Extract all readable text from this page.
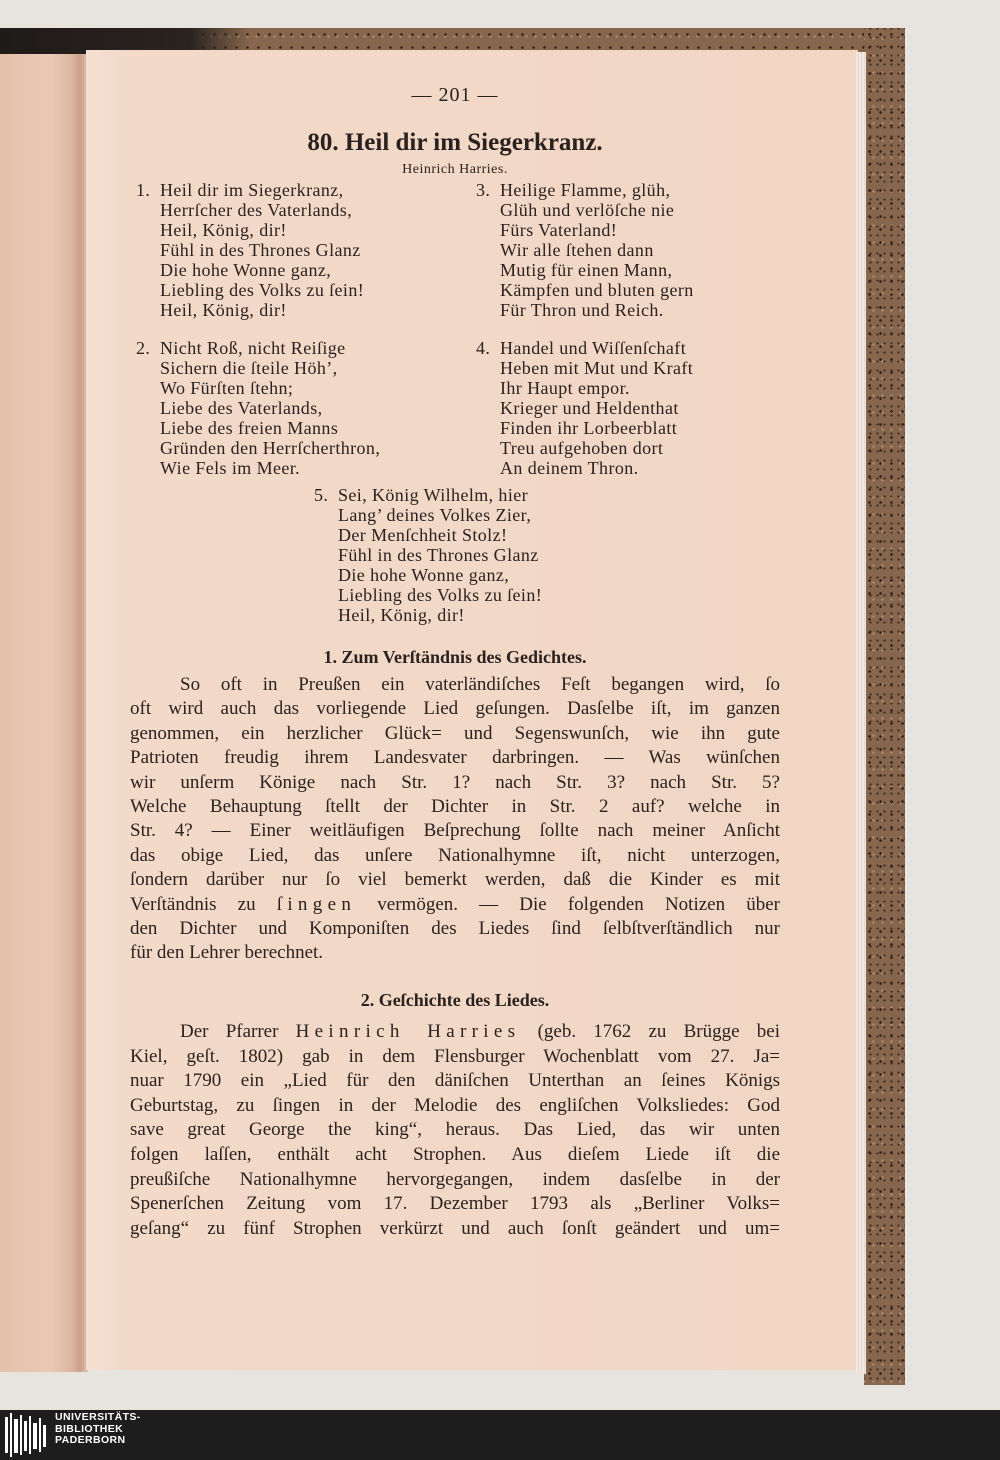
— 201 —
80. Heil dir im Siegerkranz.
Heinrich Harries.
1. Heil dir im Siegerkranz,
Herrſcher des Vaterlands,
Heil, König, dir!
Fühl in des Thrones Glanz
Die hohe Wonne ganz,
Liebling des Volks zu ſein!
Heil, König, dir!
2. Nicht Roß, nicht Reiſige
Sichern die ſteile Höh’,
Wo Fürſten ſtehn;
Liebe des Vaterlands,
Liebe des freien Manns
Gründen den Herrſcherthron,
Wie Fels im Meer.
3. Heilige Flamme, glüh,
Glüh und verlöſche nie
Fürs Vaterland!
Wir alle ſtehen dann
Mutig für einen Mann,
Kämpfen und bluten gern
Für Thron und Reich.
4. Handel und Wiſſenſchaft
Heben mit Mut und Kraft
Ihr Haupt empor.
Krieger und Heldenthat
Finden ihr Lorbeerblatt
Treu aufgehoben dort
An deinem Thron.
5. Sei, König Wilhelm, hier
Lang’ deines Volkes Zier,
Der Menſchheit Stolz!
Fühl in des Thrones Glanz
Die hohe Wonne ganz,
Liebling des Volks zu ſein!
Heil, König, dir!
1. Zum Verſtändnis des Gedichtes.
So oft in Preußen ein vaterländiſches Feſt begangen wird, ſo
oft wird auch das vorliegende Lied geſungen. Dasſelbe iſt, im ganzen
genommen, ein herzlicher Glück= und Segenswunſch, wie ihn gute
Patrioten freudig ihrem Landesvater darbringen. — Was wünſchen
wir unſerm Könige nach Str. 1? nach Str. 3? nach Str. 5?
Welche Behauptung ſtellt der Dichter in Str. 2 auf? welche in
Str. 4? — Einer weitläufigen Beſprechung ſollte nach meiner Anſicht
das obige Lied, das unſere Nationalhymne iſt, nicht unterzogen,
ſondern darüber nur ſo viel bemerkt werden, daß die Kinder es mit
Verſtändnis zu ſingen vermögen. — Die folgenden Notizen über
den Dichter und Komponiſten des Liedes ſind ſelbſtverſtändlich nur
für den Lehrer berechnet.
2. Geſchichte des Liedes.
Der Pfarrer Heinrich Harries (geb. 1762 zu Brügge bei
Kiel, geſt. 1802) gab in dem Flensburger Wochenblatt vom 27. Ja=
nuar 1790 ein „Lied für den däniſchen Unterthan an ſeines Königs
Geburtstag, zu ſingen in der Melodie des engliſchen Volksliedes: God
save great George the king“, heraus. Das Lied, das wir unten
folgen laſſen, enthält acht Strophen. Aus dieſem Liede iſt die
preußiſche Nationalhymne hervorgegangen, indem dasſelbe in der
Spenerſchen Zeitung vom 17. Dezember 1793 als „Berliner Volks=
geſang“ zu fünf Strophen verkürzt und auch ſonſt geändert und um=
UNIVERSITÄTS-
BIBLIOTHEK
PADERBORN
